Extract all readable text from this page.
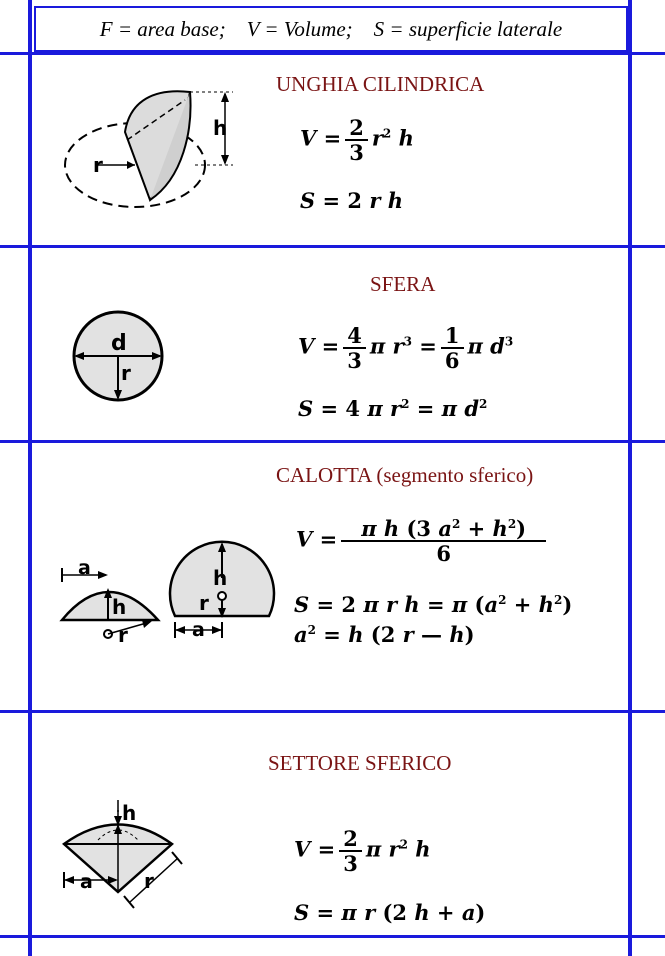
F = area base;    V = Volume;    S = superficie laterale
UNGHIA CILINDRICA
h
r
$V = \frac{2}{3} r^2$ h
S = 2 r h
SFERA
d
r
$V = \frac{4}{3}$ π $r^3 = \frac{1}{6}$ π $d^3$
S = 4 π $r^2 = \pi$ $d^2$
CALOTTA (segmento sferico)
a
h
r
h
r
a
$V = \frac{\pi h (3 a^2 + h^2)}{6}$
S = 2 π r h = π $(a^2 + h^2)$
$a^2 = h$ (2 r — h)
SETTORE SFERICO
h
a	r
$V = \frac{2}{3}$ π $r^2$ h
S = π r (2 h + a)
